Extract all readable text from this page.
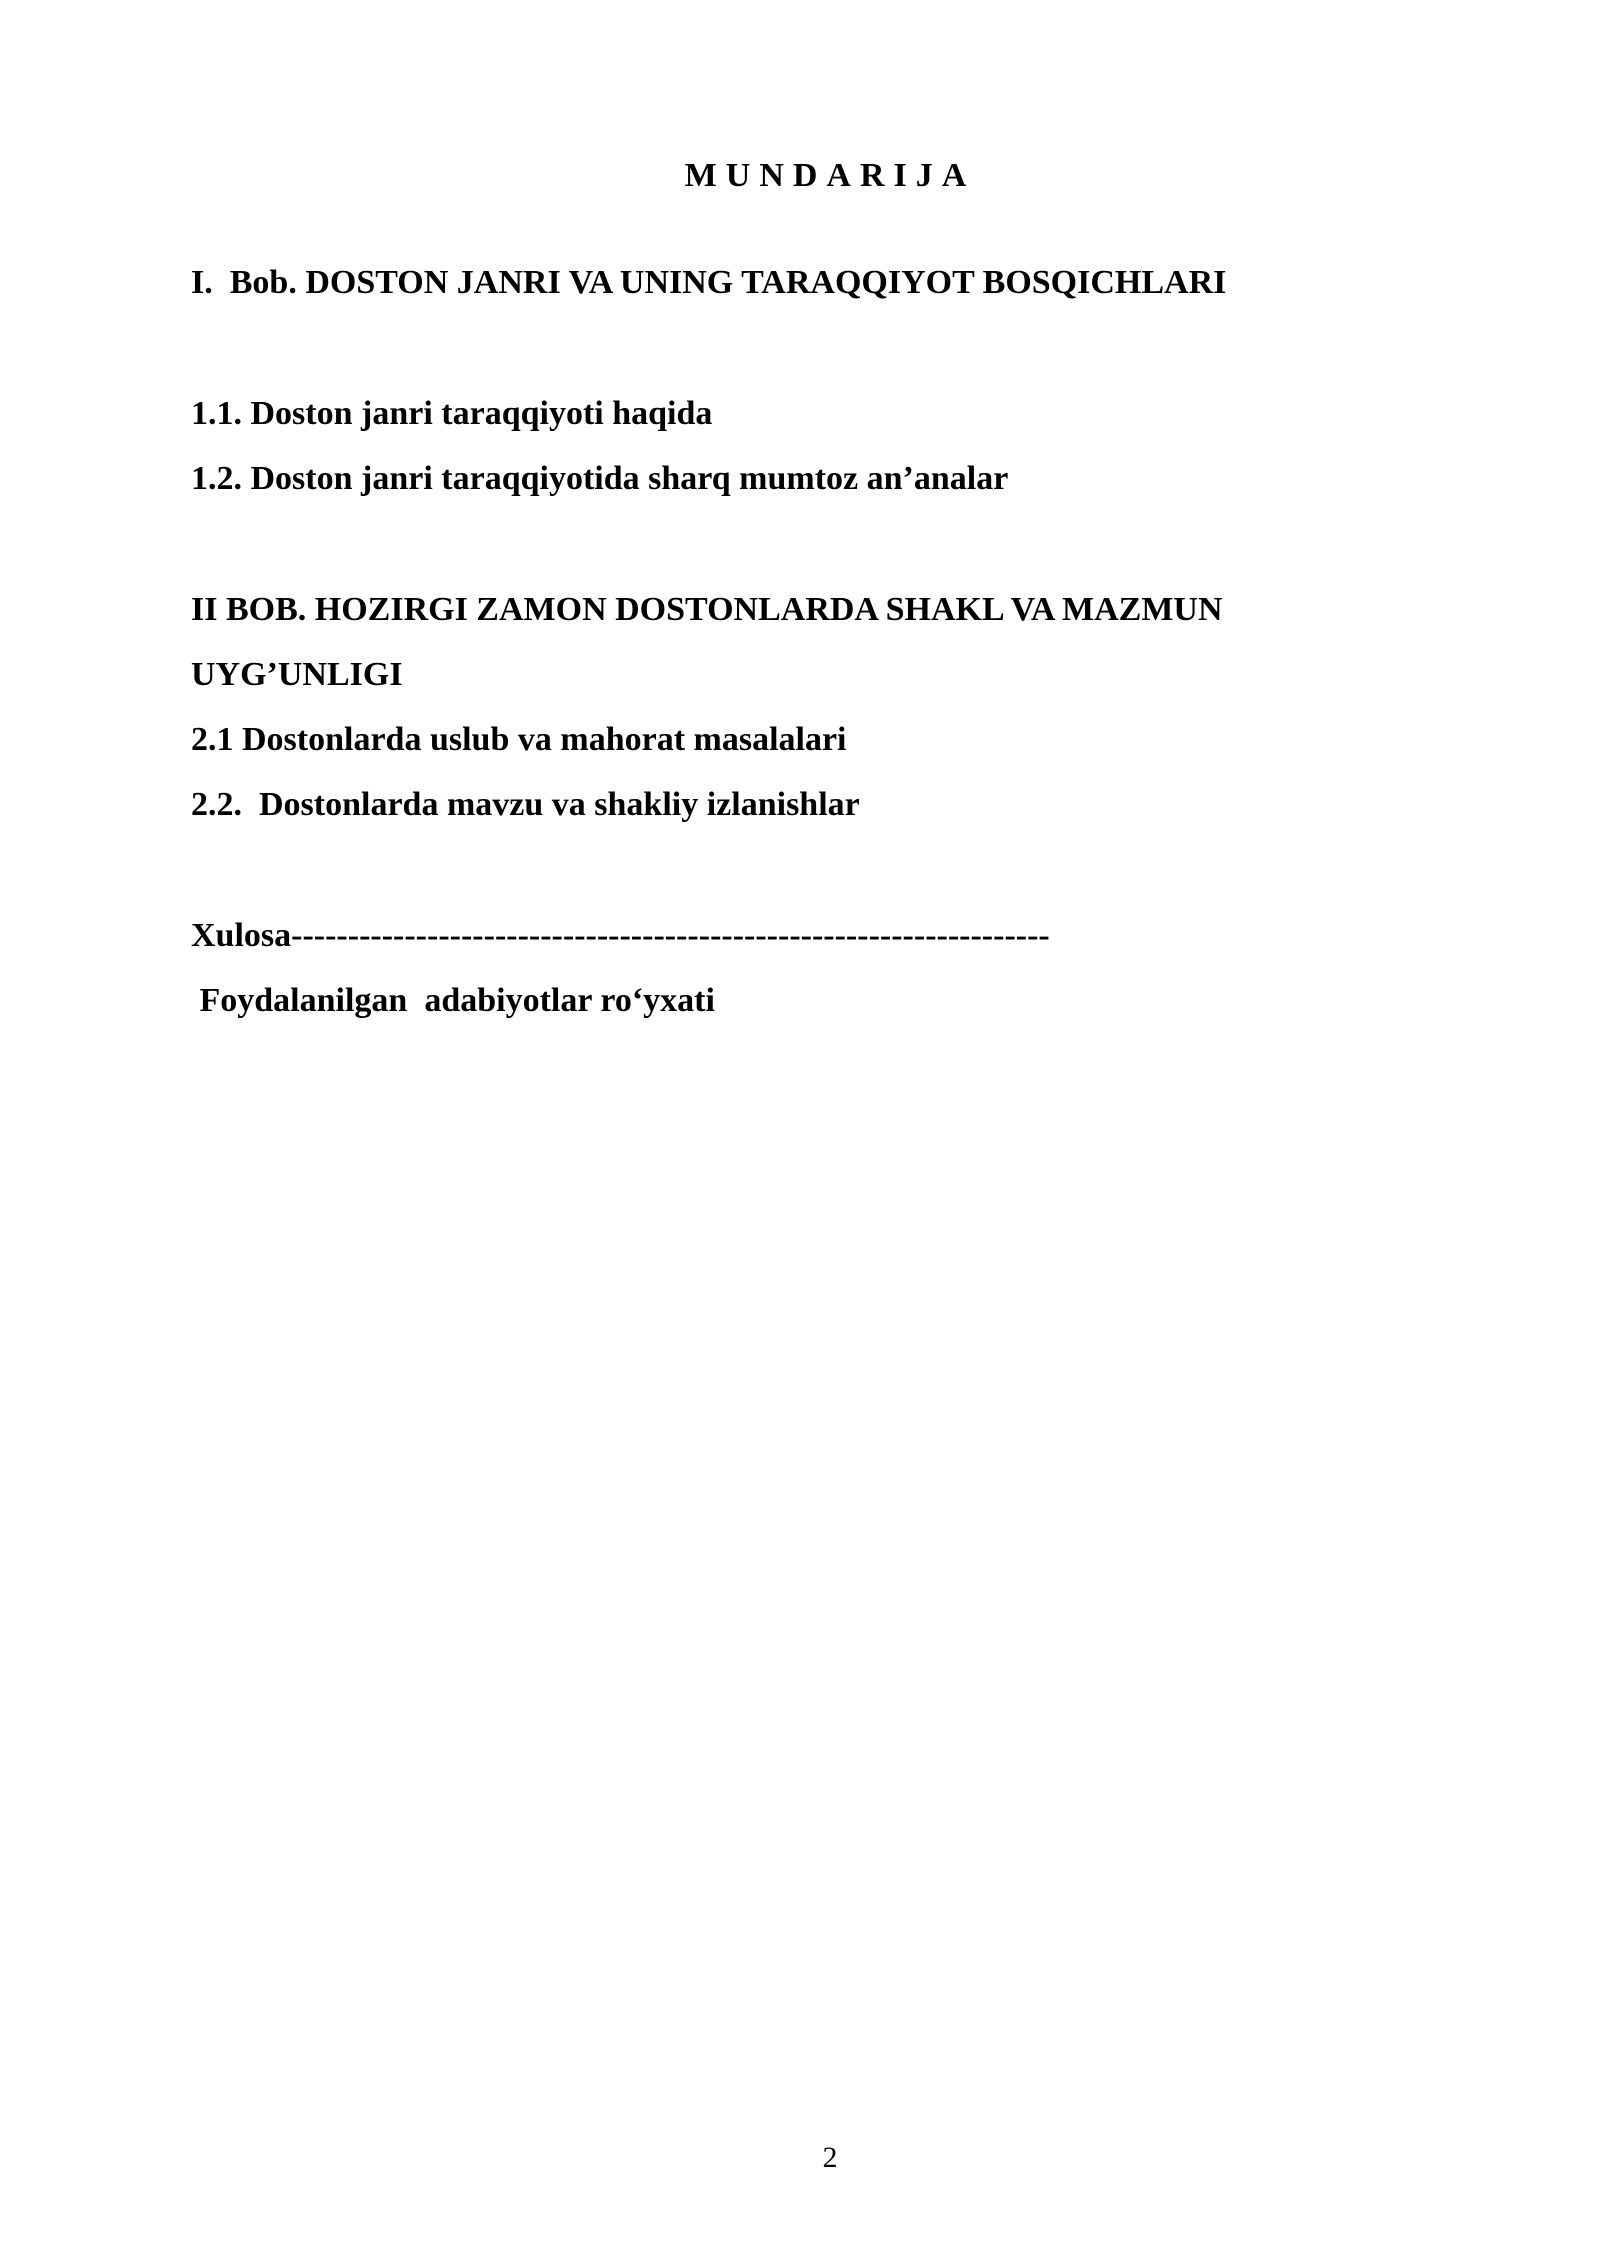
MUNDARIJA
I.  Bob. DOSTON JANRI VA UNING TARAQQIYOT BOSQICHLARI
1.1. Doston janri taraqqiyoti haqida
1.2. Doston janri taraqqiyotida sharq mumtoz an’analar
II BOB. HOZIRGI ZAMON DOSTONLARDA SHAKL VA MAZMUN
UYG’UNLIGI
2.1 Dostonlarda uslub va mahorat masalalari
2.2.  Dostonlarda mavzu va shakliy izlanishlar
Xulosa-------------------------------------------------------------------
Foydalanilgan  adabiyotlar ro‘yxati
2
